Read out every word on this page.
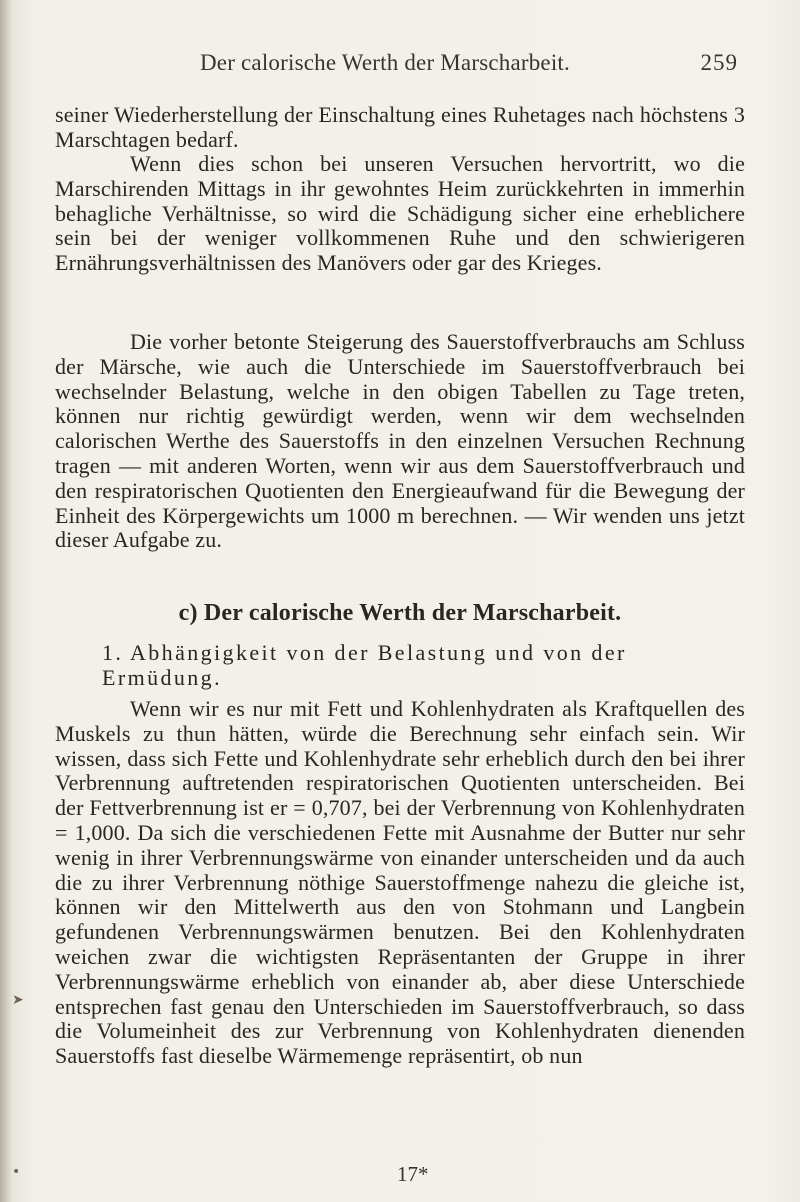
Der calorische Werth der Marscharbeit.	259
seiner Wiederherstellung der Einschaltung eines Ruhetages nach höchstens 3 Marschtagen bedarf.
Wenn dies schon bei unseren Versuchen hervortritt, wo die Marschirenden Mittags in ihr gewohntes Heim zurückkehrten in immerhin behagliche Verhältnisse, so wird die Schädigung sicher eine erheblichere sein bei der weniger vollkommenen Ruhe und den schwierigeren Ernährungsverhältnissen des Manövers oder gar des Krieges.
Die vorher betonte Steigerung des Sauerstoffverbrauchs am Schluss der Märsche, wie auch die Unterschiede im Sauerstoffverbrauch bei wechselnder Belastung, welche in den obigen Tabellen zu Tage treten, können nur richtig gewürdigt werden, wenn wir dem wechselnden calorischen Werthe des Sauerstoffs in den einzelnen Versuchen Rechnung tragen — mit anderen Worten, wenn wir aus dem Sauerstoffverbrauch und den respiratorischen Quotienten den Energieaufwand für die Bewegung der Einheit des Körpergewichts um 1000 m berechnen. — Wir wenden uns jetzt dieser Aufgabe zu.
c) Der calorische Werth der Marscharbeit.
1. Abhängigkeit von der Belastung und von der Ermüdung.
Wenn wir es nur mit Fett und Kohlenhydraten als Kraftquellen des Muskels zu thun hätten, würde die Berechnung sehr einfach sein. Wir wissen, dass sich Fette und Kohlenhydrate sehr erheblich durch den bei ihrer Verbrennung auftretenden respiratorischen Quotienten unterscheiden. Bei der Fettverbrennung ist er = 0,707, bei der Verbrennung von Kohlenhydraten = 1,000. Da sich die verschiedenen Fette mit Ausnahme der Butter nur sehr wenig in ihrer Verbrennungswärme von einander unterscheiden und da auch die zu ihrer Verbrennung nöthige Sauerstoffmenge nahezu die gleiche ist, können wir den Mittelwerth aus den von Stohmann und Langbein gefundenen Verbrennungswärmen benutzen. Bei den Kohlenhydraten weichen zwar die wichtigsten Repräsentanten der Gruppe in ihrer Verbrennungswärme erheblich von einander ab, aber diese Unterschiede entsprechen fast genau den Unterschieden im Sauerstoffverbrauch, so dass die Volumeinheit des zur Verbrennung von Kohlenhydraten dienenden Sauerstoffs fast dieselbe Wärmemenge repräsentirt, ob nun
17*
➤
•
